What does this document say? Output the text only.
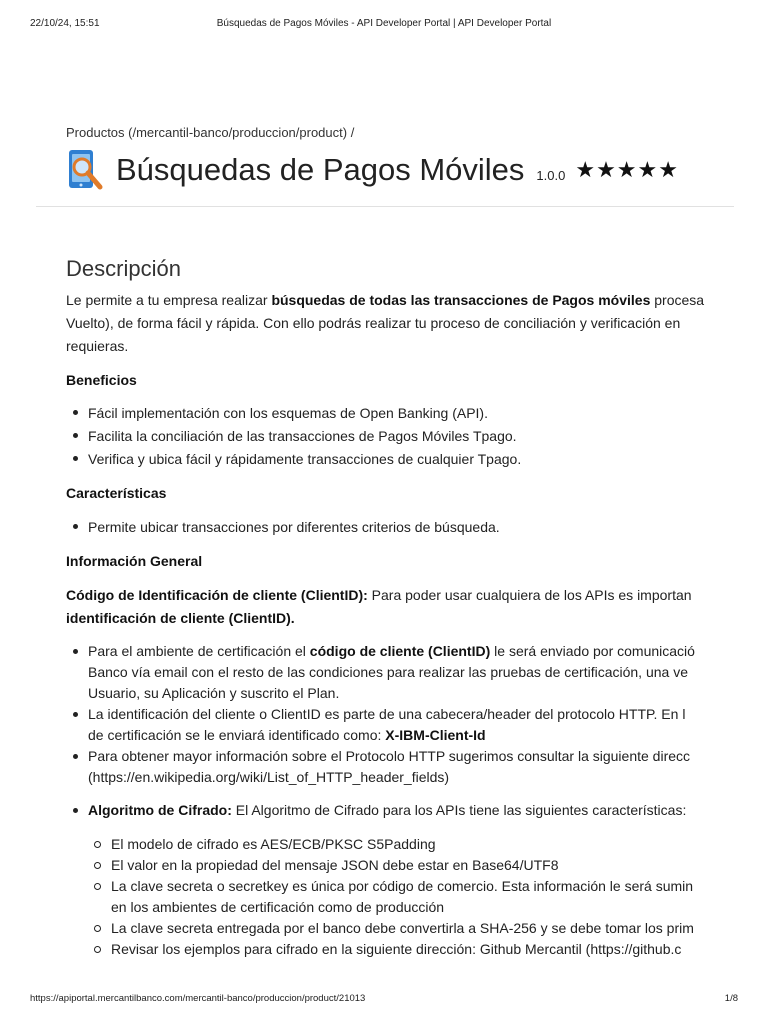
22/10/24, 15:51	Búsquedas de Pagos Móviles - API Developer Portal | API Developer Portal
Productos (/mercantil-banco/produccion/product) /
Búsquedas de Pagos Móviles 1.0.0 ★★★★★
Descripción

Le permite a tu empresa realizar búsquedas de todas las transacciones de Pagos móviles procesa

Vuelto), de forma fácil y rápida. Con ello podrás realizar tu proceso de conciliación y verificación en

requieras.

Beneficios

Fácil implementación con los esquemas de Open Banking (API).
Facilita la conciliación de las transacciones de Pagos Móviles Tpago.
Verifica y ubica fácil y rápidamente transacciones de cualquier Tpago.

Características

Permite ubicar transacciones por diferentes criterios de búsqueda.

Información General

Código de Identificación de cliente (ClientID): Para poder usar cualquiera de los APIs es importan

identificación de cliente (ClientID).

Para el ambiente de certificación el código de cliente (ClientID) le será enviado por comunicació
Banco vía email con el resto de las condiciones para realizar las pruebas de certificación, una ve
Usuario, su Aplicación y suscrito el Plan.
La identificación del cliente o ClientID es parte de una cabecera/header del protocolo HTTP. En l
de certificación se le enviará identificado como: X-IBM-Client-Id
Para obtener mayor información sobre el Protocolo HTTP sugerimos consultar la siguiente direcc
(https://en.wikipedia.org/wiki/List_of_HTTP_header_fields)
Algoritmo de Cifrado: El Algoritmo de Cifrado para los APIs tiene las siguientes características:
El modelo de cifrado es AES/ECB/PKSC S5Padding
El valor en la propiedad del mensaje JSON debe estar en Base64/UTF8
La clave secreta o secretkey es única por código de comercio. Esta información le será sumin
en los ambientes de certificación como de producción
La clave secreta entregada por el banco debe convertirla a SHA-256 y se debe tomar los prim
Revisar los ejemplos para cifrado en la siguiente dirección: Github Mercantil (https://github.c
https://apiportal.mercantilbanco.com/mercantil-banco/produccion/product/21013	1/8
